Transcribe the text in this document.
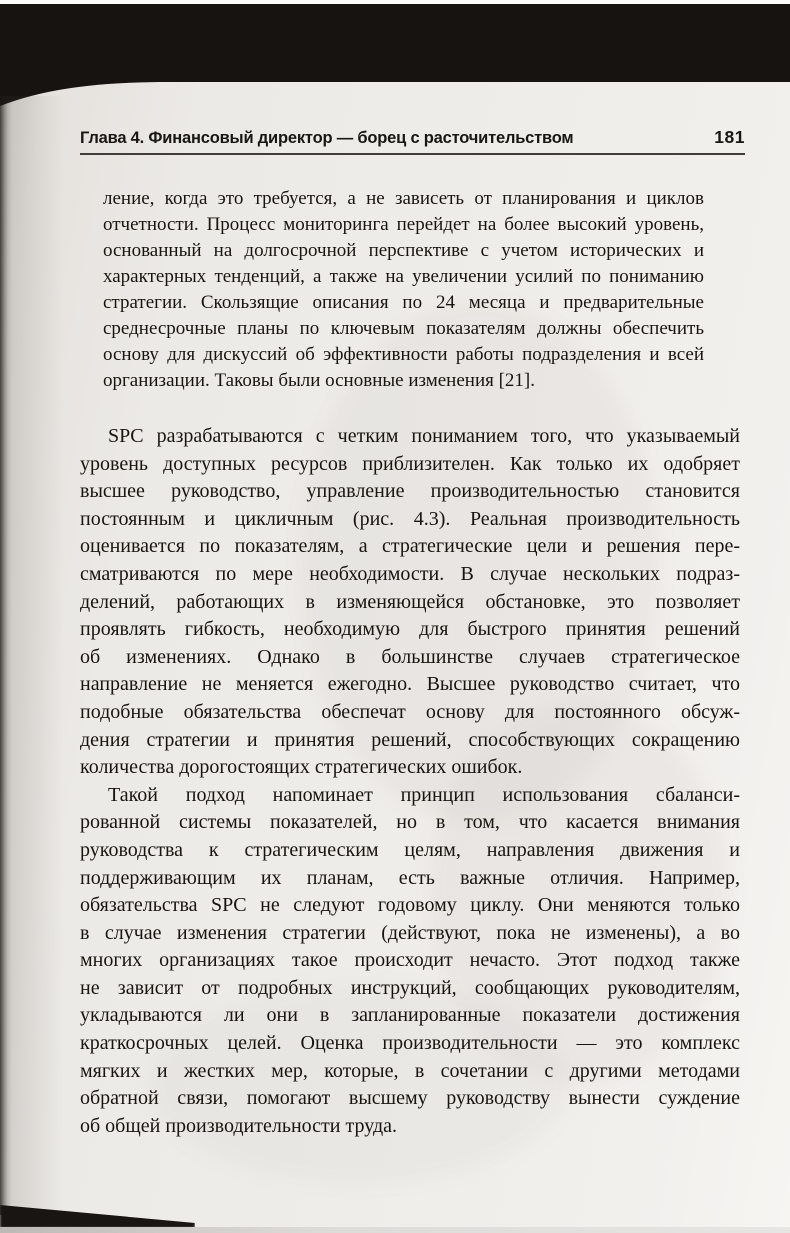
Глава 4. Финансовый директор — борец с расточительством	181
ление, когда это требуется, а не зависеть от планирования и циклов
отчетности. Процесс мониторинга перейдет на более высокий уровень,
основанный на долгосрочной перспективе с учетом исторических и
характерных тенденций, а также на увеличении усилий по пониманию
стратегии. Скользящие описания по 24 месяца и предварительные
среднесрочные планы по ключевым показателям должны обеспечить
основу для дискуссий об эффективности работы подразделения и всей
организации. Таковы были основные изменения [21].
SPC разрабатываются с четким пониманием того, что указываемый
уровень доступных ресурсов приблизителен. Как только их одобряет
высшее руководство, управление производительностью становится
постоянным и цикличным (рис. 4.3). Реальная производительность
оценивается по показателям, а стратегические цели и решения пере-
сматриваются по мере необходимости. В случае нескольких подраз-
делений, работающих в изменяющейся обстановке, это позволяет
проявлять гибкость, необходимую для быстрого принятия решений
об изменениях. Однако в большинстве случаев стратегическое
направление не меняется ежегодно. Высшее руководство считает, что
подобные обязательства обеспечат основу для постоянного обсуж-
дения стратегии и принятия решений, способствующих сокращению
количества дорогостоящих стратегических ошибок.
Такой подход напоминает принцип использования сбаланси-
рованной системы показателей, но в том, что касается внимания
руководства к стратегическим целям, направления движения и
поддерживающим их планам, есть важные отличия. Например,
обязательства SPC не следуют годовому циклу. Они меняются только
в случае изменения стратегии (действуют, пока не изменены), а во
многих организациях такое происходит нечасто. Этот подход также
не зависит от подробных инструкций, сообщающих руководителям,
укладываются ли они в запланированные показатели достижения
краткосрочных целей. Оценка производительности — это комплекс
мягких и жестких мер, которые, в сочетании с другими методами
обратной связи, помогают высшему руководству вынести суждение
об общей производительности труда.
